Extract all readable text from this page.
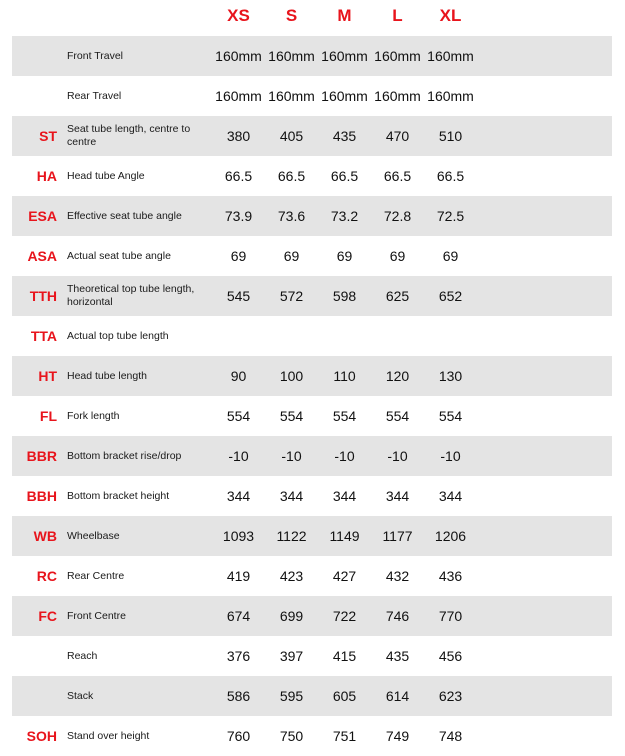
XS	S	M	L	XL
Front Travel	160mm 160mm 160mm 160mm 160mm
Rear Travel	160mm 160mm 160mm 160mm 160mm
ST Seat tube length, centre to centre	380	405	435	470	510
HA Head tube Angle	66.5	66.5	66.5	66.5	66.5
ESA Effective seat tube angle	73.9	73.6	73.2	72.8	72.5
ASA Actual seat tube angle	69	69	69	69	69
TTH Theoretical top tube length, horizontal	545	572	598	625	652
TTA Actual top tube length
HT Head tube length	90	100	110	120	130
FL Fork length	554	554	554	554	554
BBR Bottom bracket rise/drop	-10	-10	-10	-10	-10
BBH Bottom bracket height	344	344	344	344	344
WB Wheelbase	1093	1122	1149	1177	1206
RC Rear Centre	419	423	427	432	436
FC Front Centre	674	699	722	746	770
Reach	376	397	415	435	456
Stack	586	595	605	614	623
SOH Stand over height	760	750	751	749	748
